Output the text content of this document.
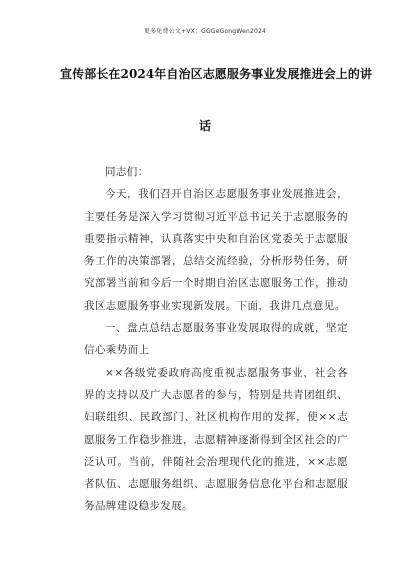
更多免费公文+VX：GGGeGongWen2024
宣传部长在2024年自治区志愿服务事业发展推进会上的讲
话

同志们：

今天，我们召开自治区志愿服务事业发展推进会，主要任务是深入学习贯彻习近平总书记关于志愿服务的重要指示精神，认真落实中央和自治区党委关于志愿服务工作的决策部署，总结交流经验，分析形势任务，研究部署当前和今后一个时期自治区志愿服务工作，推动我区志愿服务事业实现新发展。下面，我讲几点意见。

一、盘点总结志愿服务事业发展取得的成就，坚定信心乘势而上

××各级党委政府高度重视志愿服务事业，社会各界的支持以及广大志愿者的参与，特别是共青团组织、妇联组织、民政部门、社区机构作用的发挥，使××志愿服务工作稳步推进，志愿精神逐渐得到全区社会的广泛认可。当前，伴随社会治理现代化的推进，××志愿者队伍、志愿服务组织、志愿服务信息化平台和志愿服务品牌建设稳步发展。
